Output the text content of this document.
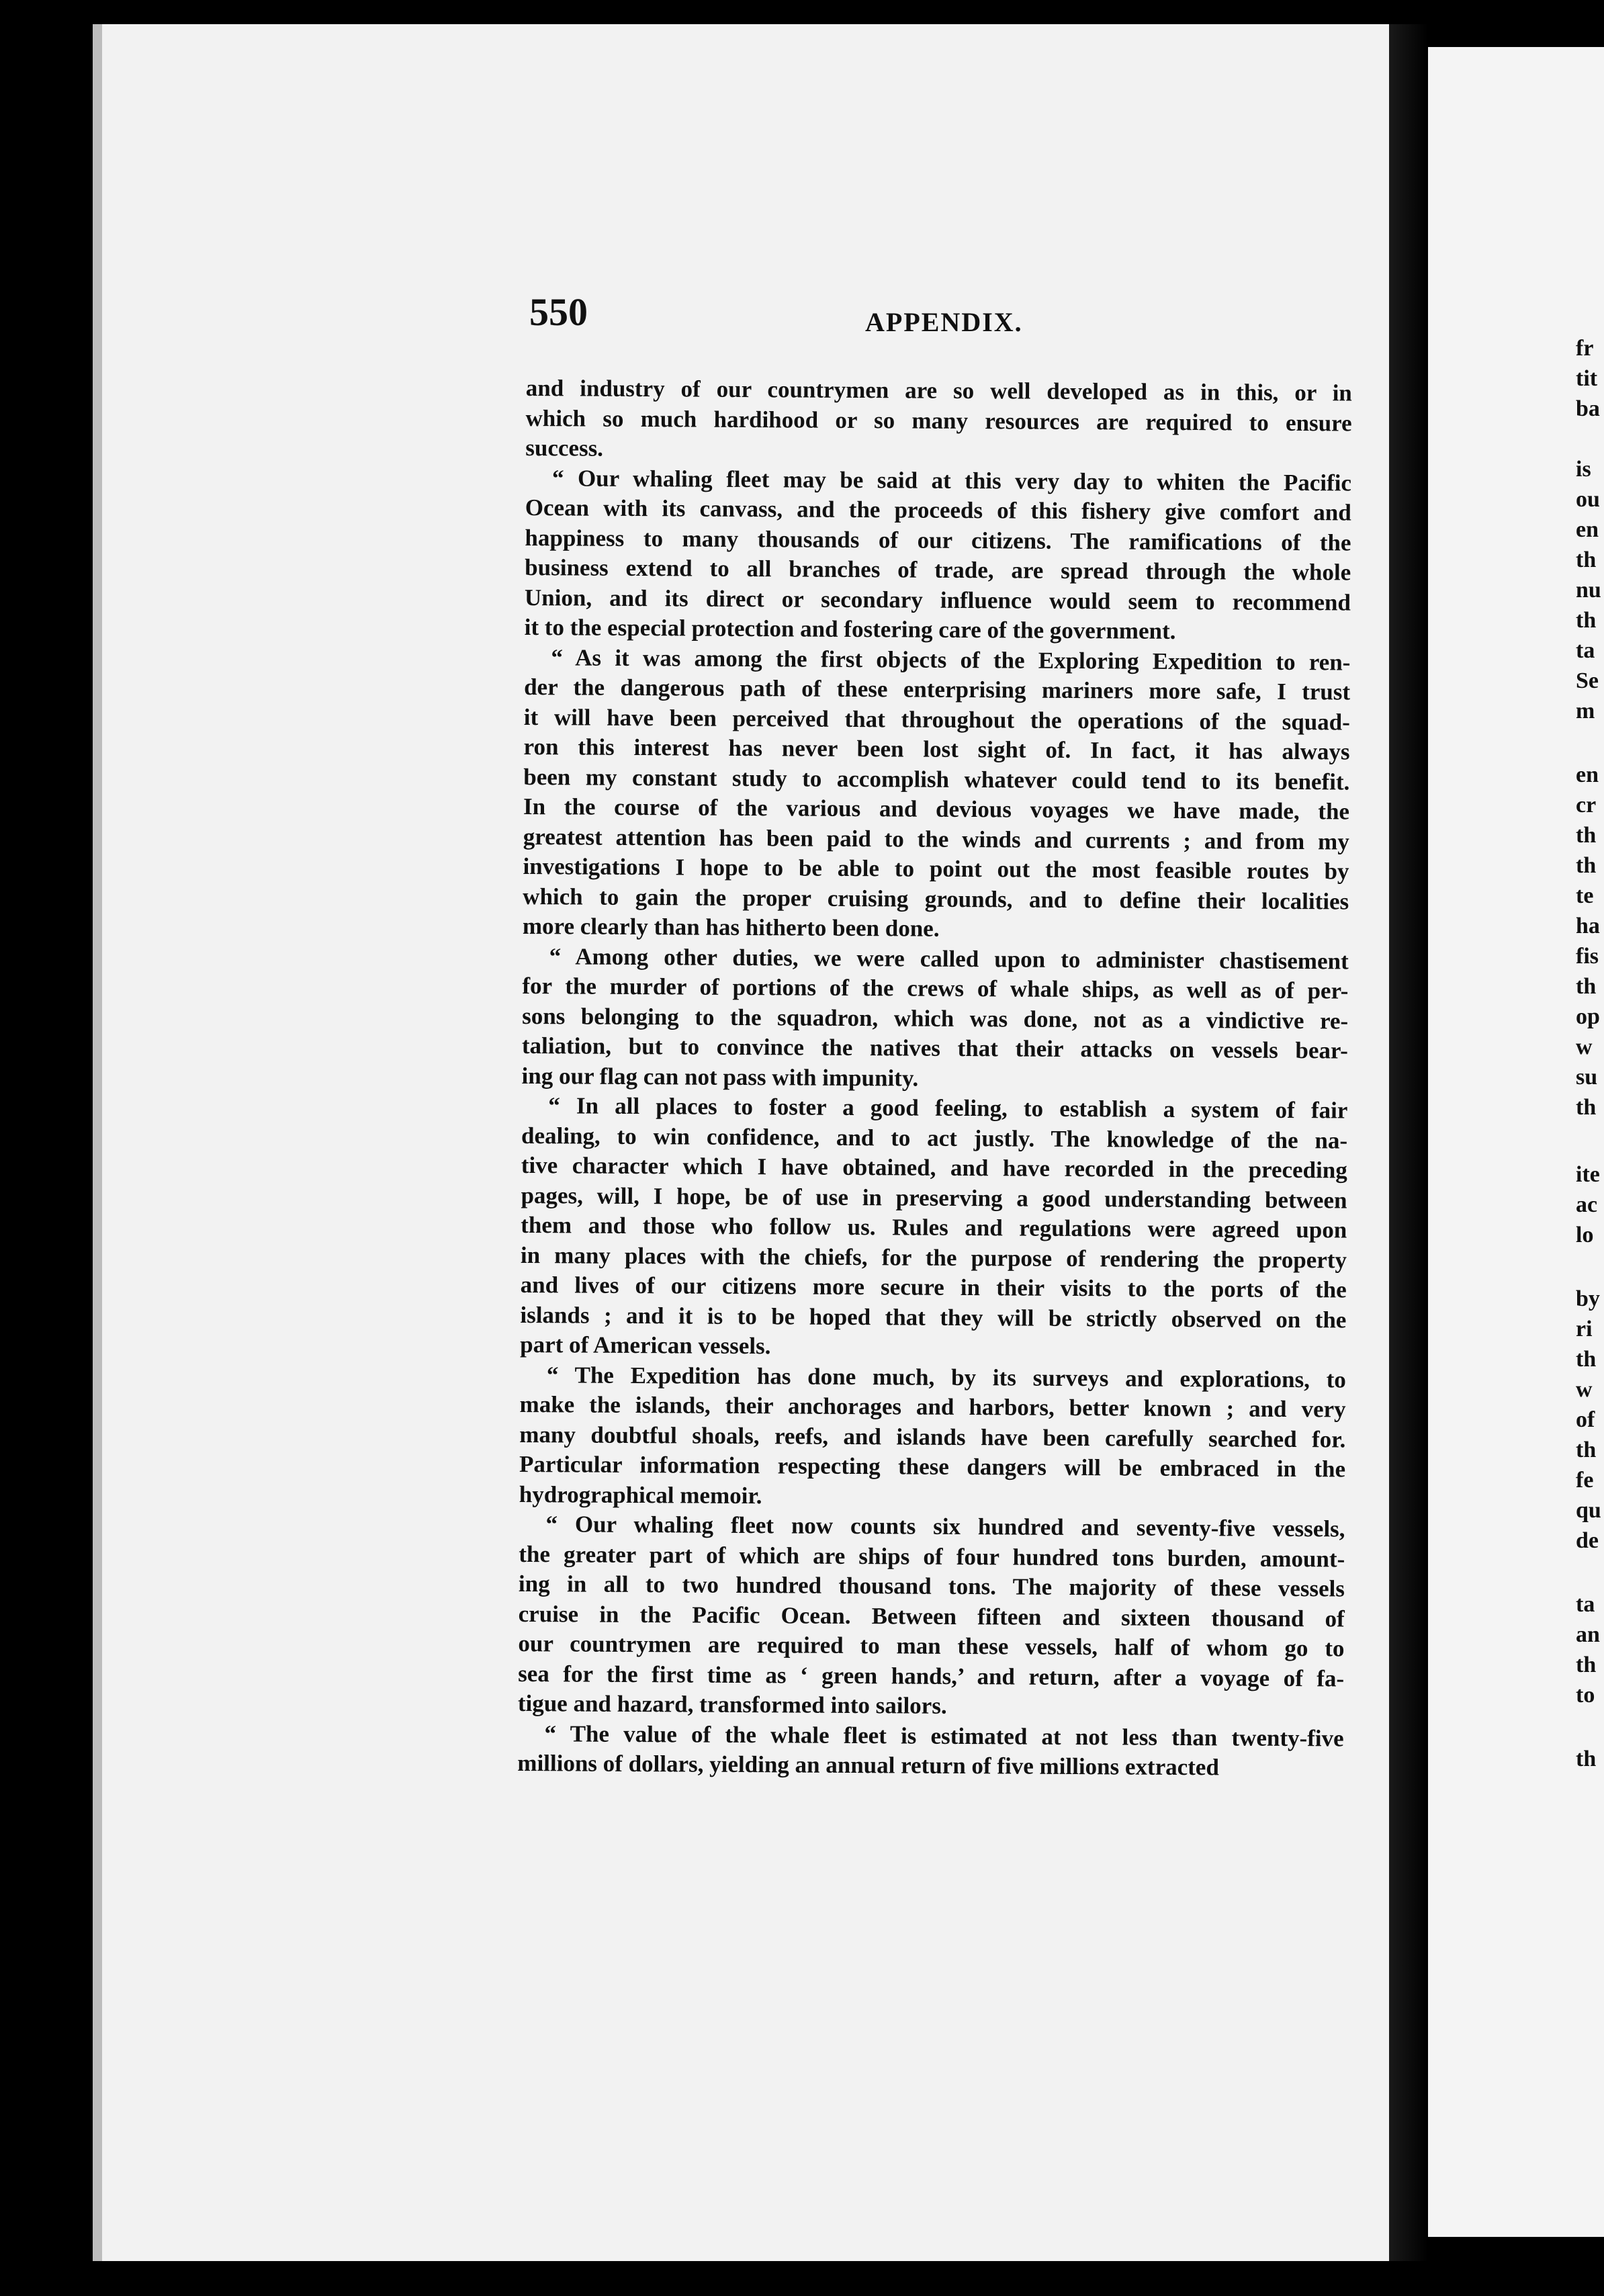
550	APPENDIX.
and industry of our countrymen are so well developed as in this, or in
which so much hardihood or so many resources are required to ensure
success.
“ Our whaling fleet may be said at this very day to whiten the Pacific
Ocean with its canvass, and the proceeds of this fishery give comfort and
happiness to many thousands of our citizens. The ramifications of the
business extend to all branches of trade, are spread through the whole
Union, and its direct or secondary influence would seem to recommend
it to the especial protection and fostering care of the government.
“ As it was among the first objects of the Exploring Expedition to ren-
der the dangerous path of these enterprising mariners more safe, I trust
it will have been perceived that throughout the operations of the squad-
ron this interest has never been lost sight of. In fact, it has always
been my constant study to accomplish whatever could tend to its benefit.
In the course of the various and devious voyages we have made, the
greatest attention has been paid to the winds and currents ; and from my
investigations I hope to be able to point out the most feasible routes by
which to gain the proper cruising grounds, and to define their localities
more clearly than has hitherto been done.
“ Among other duties, we were called upon to administer chastisement
for the murder of portions of the crews of whale ships, as well as of per-
sons belonging to the squadron, which was done, not as a vindictive re-
taliation, but to convince the natives that their attacks on vessels bear-
ing our flag can not pass with impunity.
“ In all places to foster a good feeling, to establish a system of fair
dealing, to win confidence, and to act justly. The knowledge of the na-
tive character which I have obtained, and have recorded in the preceding
pages, will, I hope, be of use in preserving a good understanding between
them and those who follow us. Rules and regulations were agreed upon
in many places with the chiefs, for the purpose of rendering the property
and lives of our citizens more secure in their visits to the ports of the
islands ; and it is to be hoped that they will be strictly observed on the
part of American vessels.
“ The Expedition has done much, by its surveys and explorations, to
make the islands, their anchorages and harbors, better known ; and very
many doubtful shoals, reefs, and islands have been carefully searched for.
Particular information respecting these dangers will be embraced in the
hydrographical memoir.
“ Our whaling fleet now counts six hundred and seventy-five vessels,
the greater part of which are ships of four hundred tons burden, amount-
ing in all to two hundred thousand tons. The majority of these vessels
cruise in the Pacific Ocean. Between fifteen and sixteen thousand of
our countrymen are required to man these vessels, half of whom go to
sea for the first time as ‘ green hands,’ and return, after a voyage of fa-
tigue and hazard, transformed into sailors.
“ The value of the whale fleet is estimated at not less than twenty-five
millions of dollars, yielding an annual return of five millions extracted
fr
tit
ba
is
ou
en
th
nu
th
ta
Se
m
en
cr
th
th
te
ha
fis
th
op
w
su
th
ite
ac
lo
by
ri
th
w
of
th
fe
qu
de
ta
an
th
to
th
